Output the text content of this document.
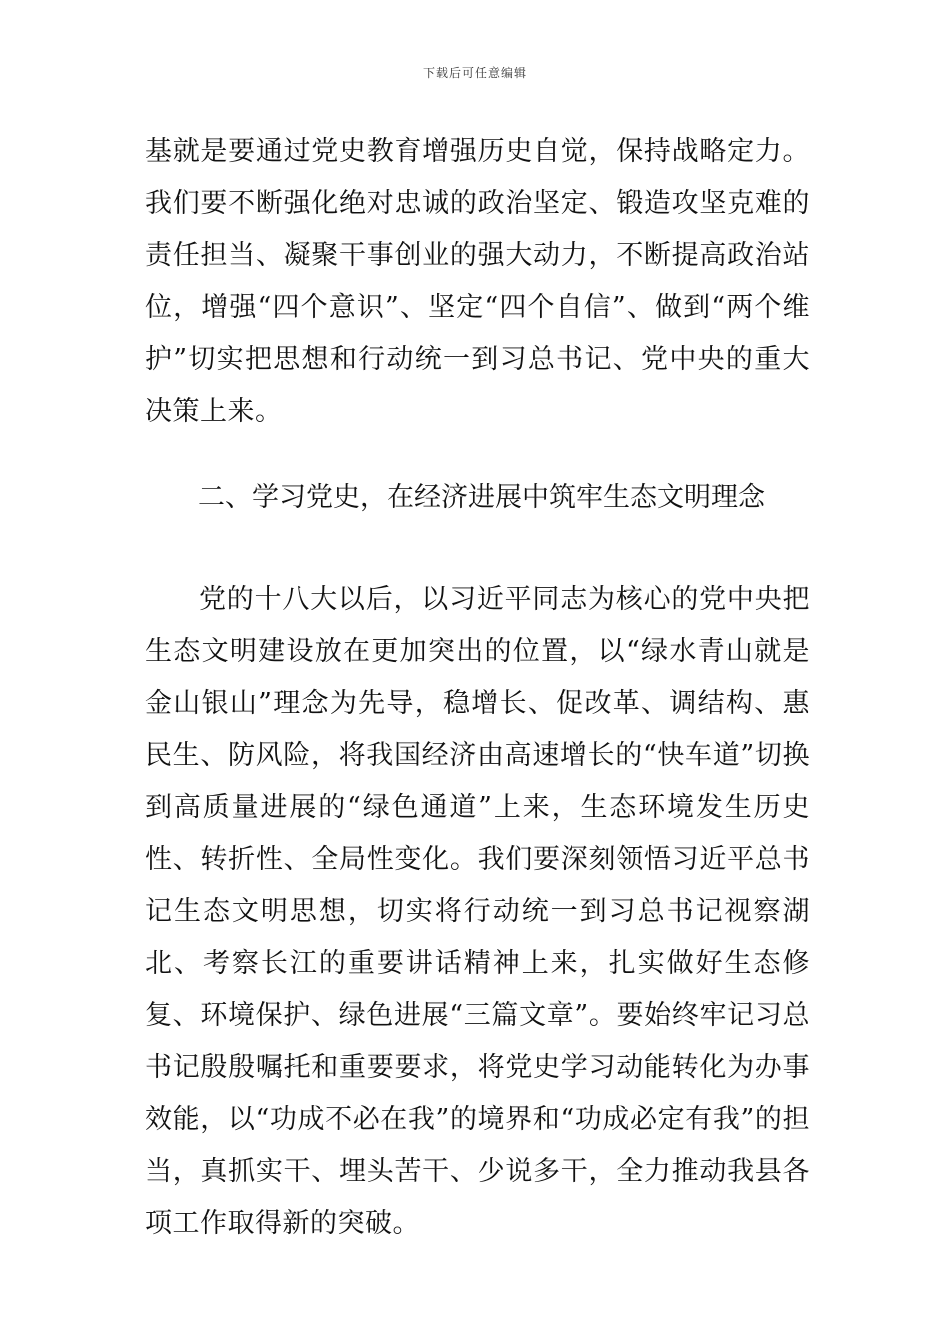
下载后可任意编辑

基就是要通过党史教育增强历史自觉，保持战略定力。我们要不断强化绝对忠诚的政治坚定、锻造攻坚克难的责任担当、凝聚干事创业的强大动力，不断提高政治站位，增强“四个意识”、坚定“四个自信”、做到“两个维护”切实把思想和行动统一到习总书记、党中央的重大决策上来。

二、学习党史，在经济进展中筑牢生态文明理念

党的十八大以后，以习近平同志为核心的党中央把生态文明建设放在更加突出的位置，以“绿水青山就是金山银山”理念为先导，稳增长、促改革、调结构、惠民生、防风险，将我国经济由高速增长的“快车道”切换到高质量进展的“绿色通道”上来，生态环境发生历史性、转折性、全局性变化。我们要深刻领悟习近平总书记生态文明思想，切实将行动统一到习总书记视察湖北、考察长江的重要讲话精神上来，扎实做好生态修复、环境保护、绿色进展“三篇文章”。要始终牢记习总书记殷殷嘱托和重要要求，将党史学习动能转化为办事效能，以“功成不必在我”的境界和“功成必定有我”的担当，真抓实干、埋头苦干、少说多干，全力推动我县各项工作取得新的突破。
